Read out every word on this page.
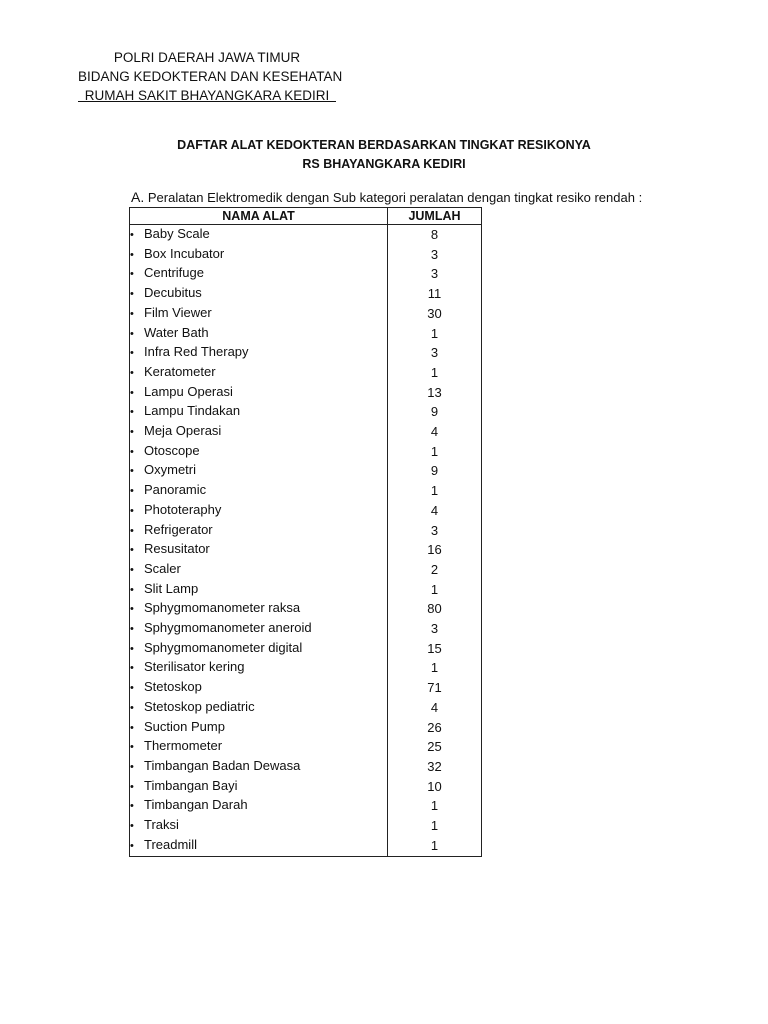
POLRI DAERAH JAWA TIMUR
BIDANG KEDOKTERAN DAN KESEHATAN
RUMAH SAKIT BHAYANGKARA KEDIRI
DAFTAR ALAT KEDOKTERAN BERDASARKAN TINGKAT RESIKONYA
RS BHAYANGKARA KEDIRI
A. Peralatan Elektromedik dengan Sub kategori peralatan dengan tingkat resiko rendah :
NAMA ALAT	JUMLAH
• Baby Scale	8
• Box Incubator	3
• Centrifuge	3
• Decubitus	11
• Film Viewer	30
• Water Bath	1
• Infra Red Therapy	3
• Keratometer	1
• Lampu Operasi	13
• Lampu Tindakan	9
• Meja Operasi	4
• Otoscope	1
• Oxymetri	9
• Panoramic	1
• Phototeraphy	4
• Refrigerator	3
• Resusitator	16
• Scaler	2
• Slit Lamp	1
• Sphygmomanometer raksa	80
• Sphygmomanometer aneroid	3
• Sphygmomanometer digital	15
• Sterilisator kering	1
• Stetoskop	71
• Stetoskop pediatric	4
• Suction Pump	26
• Thermometer	25
• Timbangan Badan Dewasa	32
• Timbangan Bayi	10
• Timbangan Darah	1
• Traksi	1
• Treadmill	1
